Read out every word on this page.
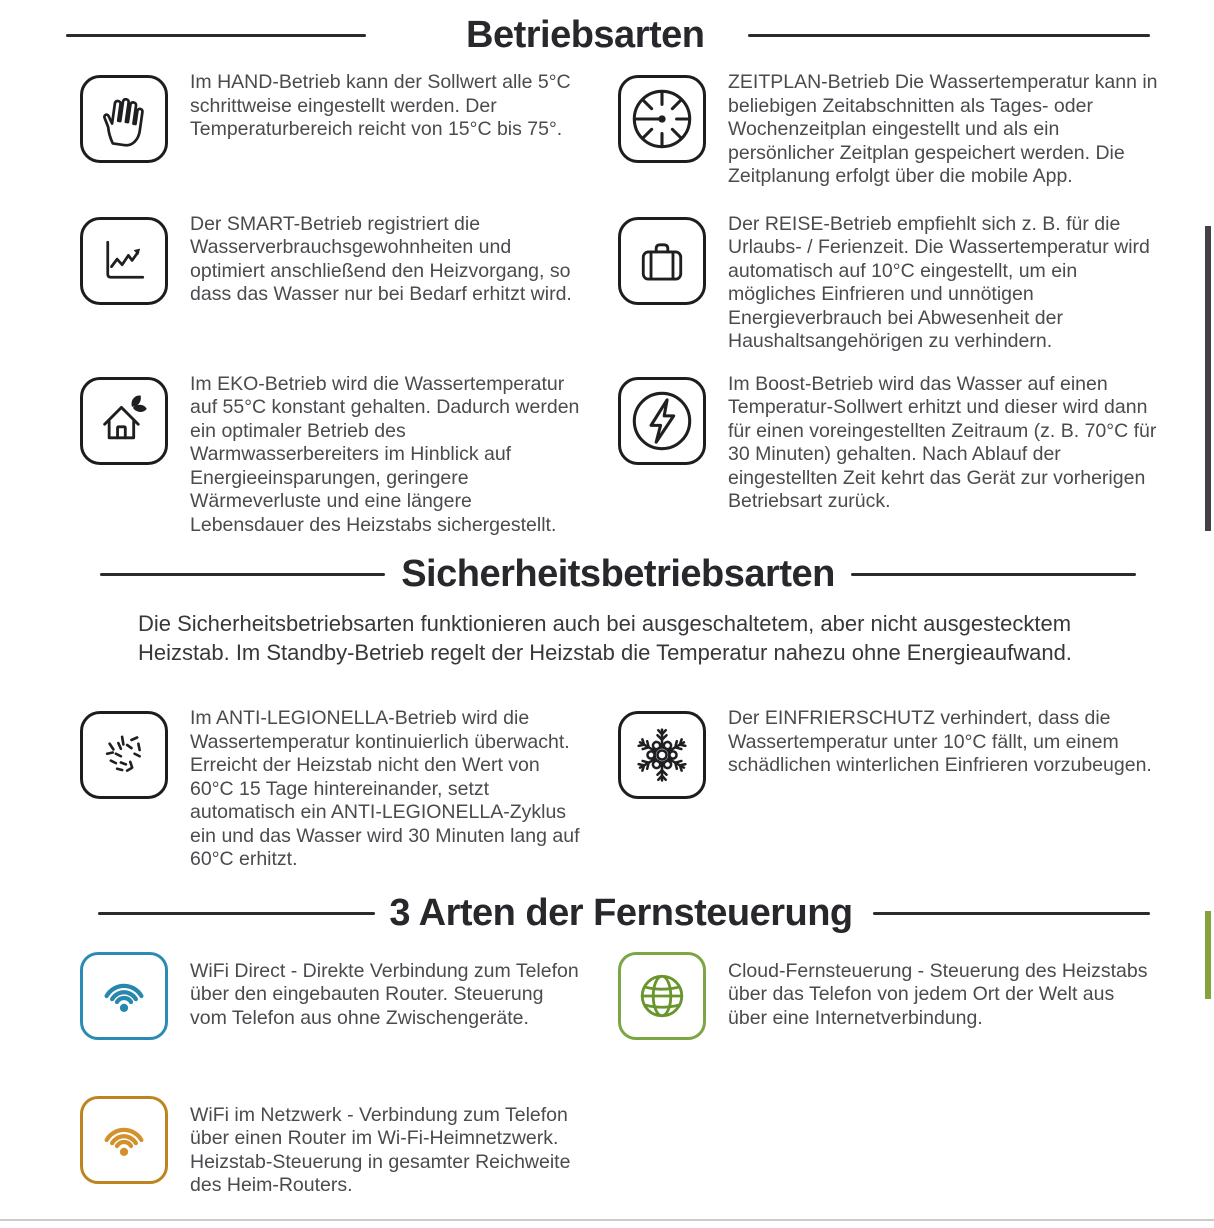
Betriebsarten
Im HAND-Betrieb kann der Sollwert alle 5°C schrittweise eingestellt werden. Der Temperaturbereich reicht von 15°C bis 75°.
ZEITPLAN-Betrieb Die Wassertemperatur kann in beliebigen Zeitabschnitten als Tages- oder Wochenzeitplan eingestellt und als ein persönlicher Zeitplan gespeichert werden. Die Zeitplanung erfolgt über die mobile App.
Der SMART-Betrieb registriert die Wasserverbrauchsgewohnheiten und optimiert anschließend den Heizvorgang, so dass das Wasser nur bei Bedarf erhitzt wird.
Der REISE-Betrieb empfiehlt sich z. B. für die Urlaubs- / Ferienzeit. Die Wassertemperatur wird automatisch auf 10°C eingestellt, um ein mögliches Einfrieren und unnötigen Energieverbrauch bei Abwesenheit der Haushaltsangehörigen zu verhindern.
Im EKO-Betrieb wird die Wassertemperatur auf 55°C konstant gehalten. Dadurch werden ein optimaler Betrieb des Warmwasserbereiters im Hinblick auf Energieeinsparungen, geringere Wärmeverluste und eine längere Lebensdauer des Heizstabs sichergestellt.
Im Boost-Betrieb wird das Wasser auf einen Temperatur-Sollwert erhitzt und dieser wird dann für einen voreingestellten Zeitraum (z. B. 70°C für 30 Minuten) gehalten. Nach Ablauf der eingestellten Zeit kehrt das Gerät zur vorherigen Betriebsart zurück.
Sicherheitsbetriebsarten
Die Sicherheitsbetriebsarten funktionieren auch bei ausgeschaltetem, aber nicht ausgestecktem Heizstab. Im Standby-Betrieb regelt der Heizstab die Temperatur nahezu ohne Energieaufwand.
Im ANTI-LEGIONELLA-Betrieb wird die Wassertemperatur kontinuierlich überwacht. Erreicht der Heizstab nicht den Wert von 60°C 15 Tage hintereinander, setzt automatisch ein ANTI-LEGIONELLA-Zyklus ein und das Wasser wird 30 Minuten lang auf 60°C erhitzt.
Der EINFRIERSCHUTZ verhindert, dass die Wassertemperatur unter 10°C fällt, um einem schädlichen winterlichen Einfrieren vorzubeugen.
3 Arten der Fernsteuerung
WiFi Direct - Direkte Verbindung zum Telefon über den eingebauten Router. Steuerung vom Telefon aus ohne Zwischengeräte.
Cloud-Fernsteuerung - Steuerung des Heizstabs über das Telefon von jedem Ort der Welt aus über eine Internetverbindung.
WiFi im Netzwerk - Verbindung zum Telefon über einen Router im Wi-Fi-Heimnetzwerk. Heizstab-Steuerung in gesamter Reichweite des Heim-Routers.
